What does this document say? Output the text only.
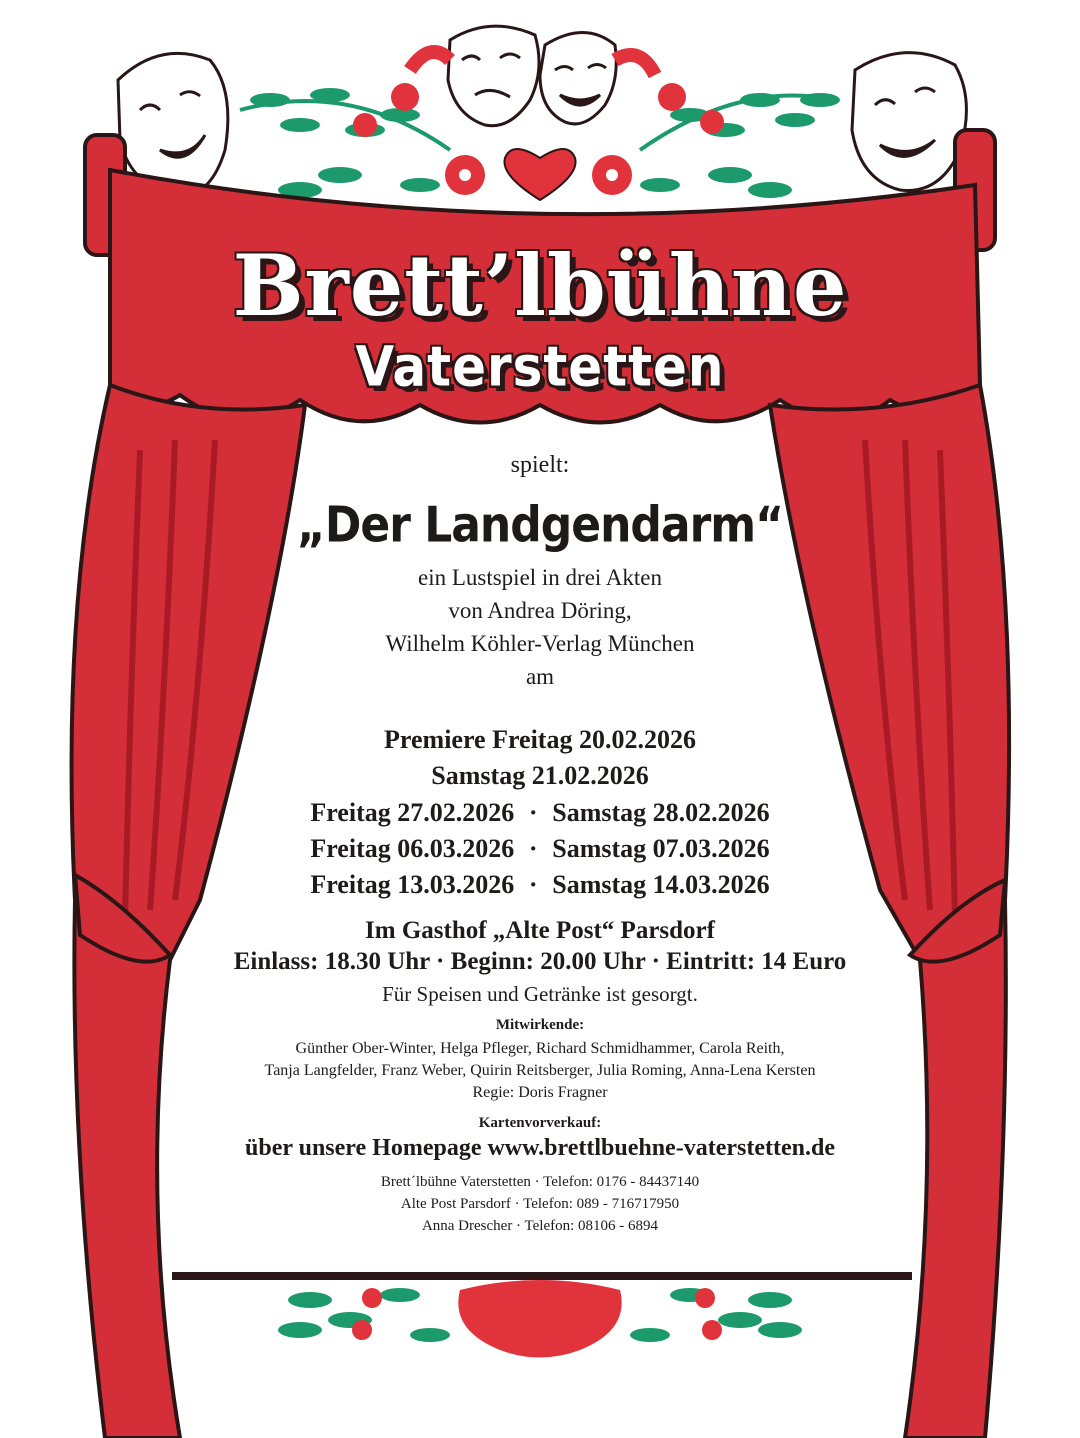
Brett’lbühne
Vaterstetten
spielt:
„Der Landgendarm“
ein Lustspiel in drei Akten
von Andrea Döring,
Wilhelm Köhler-Verlag München
am
Premiere Freitag 20.02.2026
Samstag 21.02.2026
Freitag 27.02.2026 · Samstag 28.02.2026
Freitag 06.03.2026 · Samstag 07.03.2026
Freitag 13.03.2026 · Samstag 14.03.2026
Im Gasthof „Alte Post“ Parsdorf
Einlass: 18.30 Uhr · Beginn: 20.00 Uhr · Eintritt: 14 Euro
Für Speisen und Getränke ist gesorgt.
Mitwirkende:
Günther Ober-Winter, Helga Pfleger, Richard Schmidhammer, Carola Reith,
Tanja Langfelder, Franz Weber, Quirin Reitsberger, Julia Roming, Anna-Lena Kersten
Regie: Doris Fragner
Kartenvorverkauf:
über unsere Homepage www.brettlbuehne-vaterstetten.de
Brett´lbühne Vaterstetten · Telefon: 0176 - 84437140
Alte Post Parsdorf · Telefon: 089 - 716717950
Anna Drescher · Telefon: 08106 - 6894
